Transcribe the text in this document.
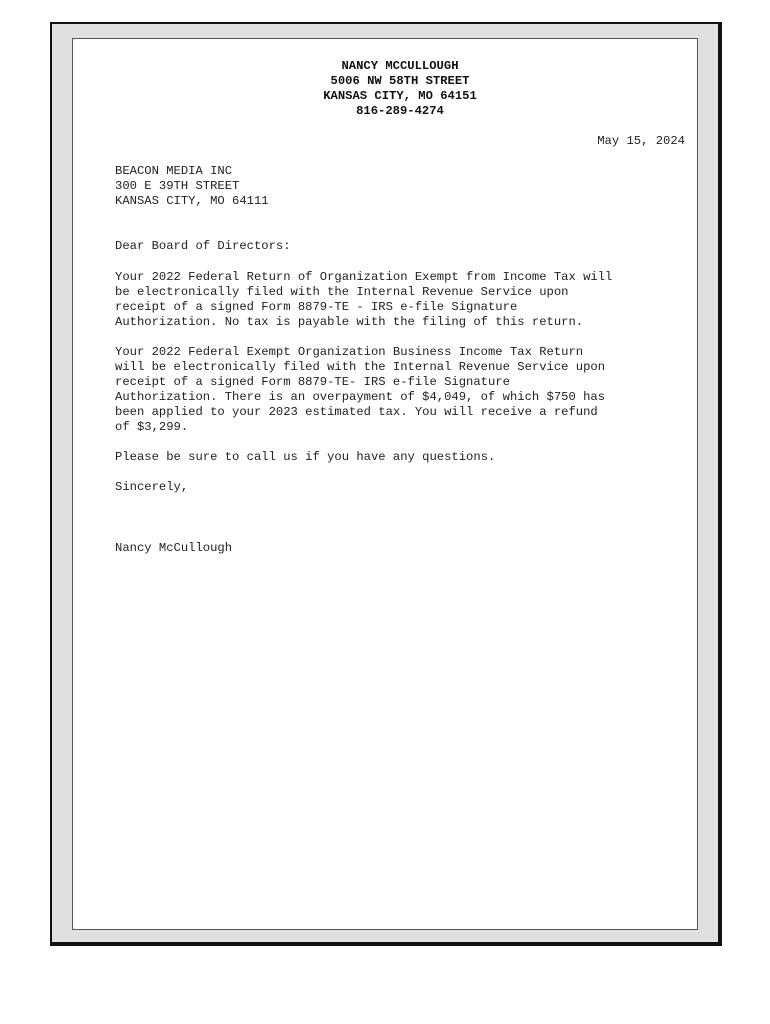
NANCY MCCULLOUGH
5006 NW 58TH STREET
KANSAS CITY, MO 64151
816-289-4274
May 15, 2024
BEACON MEDIA INC
300 E 39TH STREET
KANSAS CITY, MO 64111
Dear Board of Directors:
Your 2022 Federal Return of Organization Exempt from Income Tax will
be electronically filed with the Internal Revenue Service upon
receipt of a signed Form 8879-TE - IRS e-file Signature
Authorization. No tax is payable with the filing of this return.
Your 2022 Federal Exempt Organization Business Income Tax Return
will be electronically filed with the Internal Revenue Service upon
receipt of a signed Form 8879-TE- IRS e-file Signature
Authorization. There is an overpayment of $4,049, of which $750 has
been applied to your 2023 estimated tax. You will receive a refund
of $3,299.
Please be sure to call us if you have any questions.
Sincerely,
Nancy McCullough
